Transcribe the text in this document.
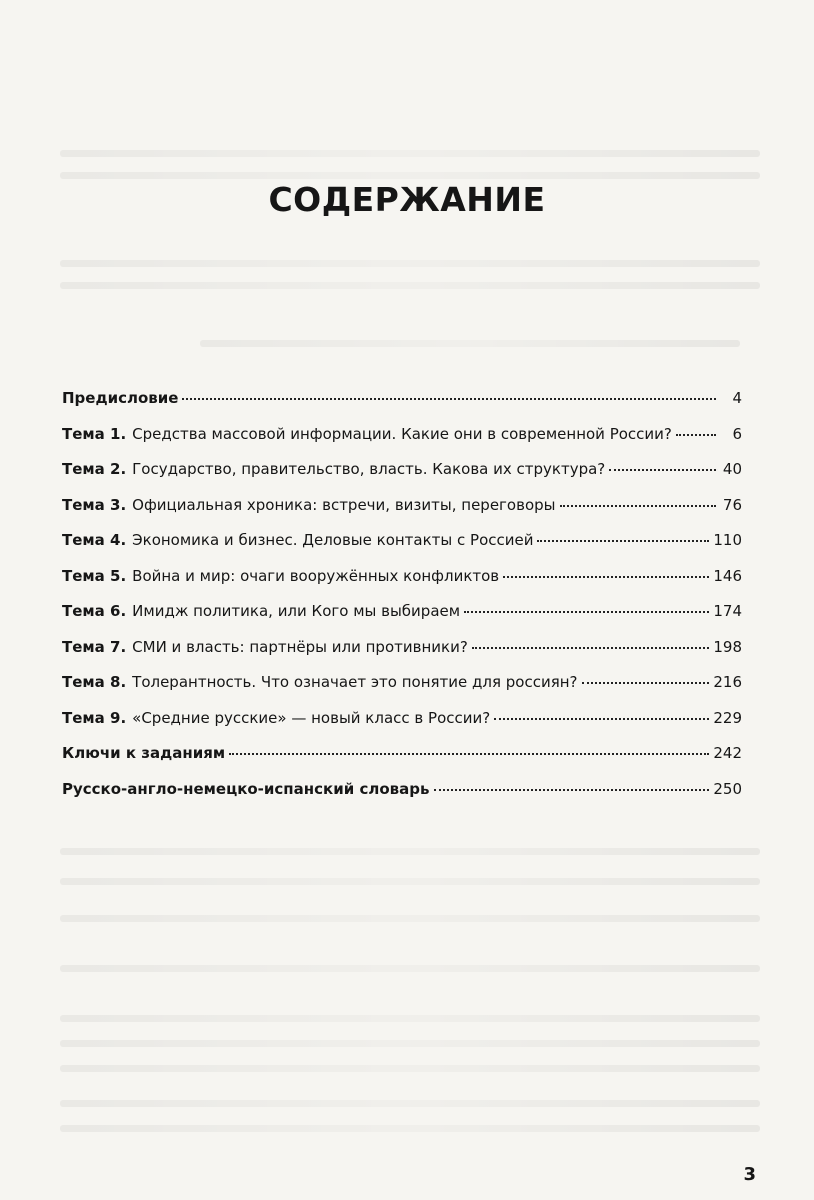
СОДЕРЖАНИЕ
Предисловие	4
Тема 1. Средства массовой информации. Какие они в современной России?	6
Тема 2. Государство, правительство, власть. Какова их структура?	40
Тема 3. Официальная хроника: встречи, визиты, переговоры	76
Тема 4. Экономика и бизнес. Деловые контакты с Россией	110
Тема 5. Война и мир: очаги вооружённых конфликтов	146
Тема 6. Имидж политика, или Кого мы выбираем	174
Тема 7. СМИ и власть: партнёры или противники?	198
Тема 8. Толерантность. Что означает это понятие для россиян?	216
Тема 9. «Средние русские» — новый класс в России?	229
Ключи к заданиям	242
Русско-англо-немецко-испанский словарь	250
3
